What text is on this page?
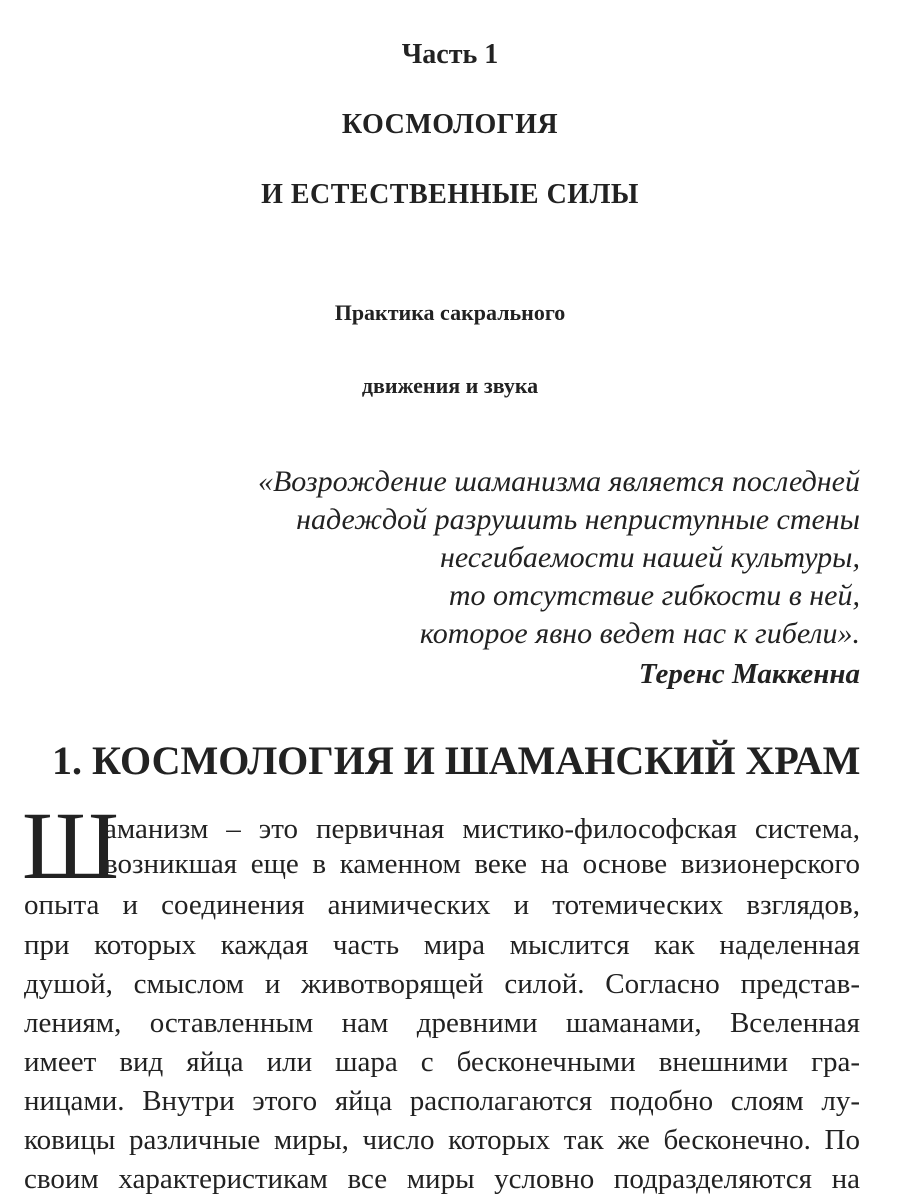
Часть 1
КОСМОЛОГИЯ
И ЕСТЕСТВЕННЫЕ СИЛЫ
Практика сакрального
движения и звука
«Возрождение шаманизма является последней
надеждой разрушить неприступные стены
несгибаемости нашей культуры,
то отсутствие гибкости в ней,
которое явно ведет нас к гибели».
Теренс Маккенна
1. КОСМОЛОГИЯ И ШАМАНСКИЙ ХРАМ
Ш
аманизм – это первичная мистико-философская система,
возникшая еще в каменном веке на основе визионерского
опыта и соединения анимических и тотемических взглядов,
при которых каждая часть мира мыслится как наделенная
душой, смыслом и животворящей силой. Согласно представ-
лениям, оставленным нам древними шаманами, Вселенная
имеет вид яйца или шара с бесконечными внешними гра-
ницами. Внутри этого яйца располагаются подобно слоям лу-
ковицы различные миры, число которых так же бесконечно. По
своим характеристикам все миры условно подразделяются на
